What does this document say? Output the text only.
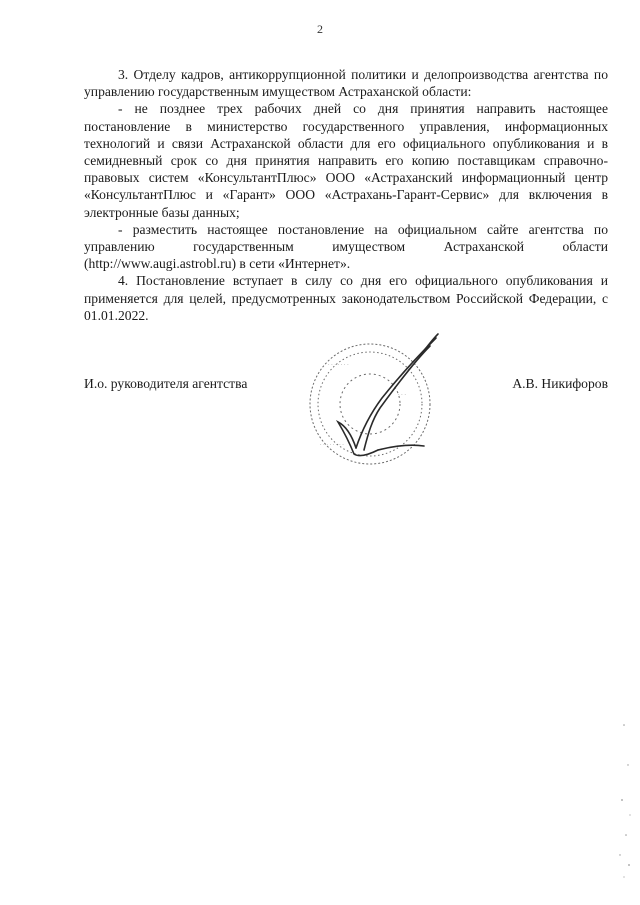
2

3. Отделу кадров, антикоррупционной политики и делопроизводства агентства по управлению государственным имуществом Астраханской области:

- не позднее трех рабочих дней со дня принятия направить настоящее постановление в министерство государственного управления, информационных технологий и связи Астраханской области для его официального опубликования и в семидневный срок со дня принятия направить его копию поставщикам справочно-правовых систем «КонсультантПлюс» ООО «Астраханский информационный центр «КонсультантПлюс и «Гарант» ООО «Астрахань-Гарант-Сервис» для включения в электронные базы данных;

- разместить настоящее постановление на официальном сайте агентства по управлению государственным имуществом Астраханской области (http://www.augi.astrobl.ru) в сети «Интернет».

4. Постановление вступает в силу со дня его официального опубликования и применяется для целей, предусмотренных законодательством Российской Федерации, с 01.01.2022.

И.о. руководителя агентства
· · · · · · ·
· · · · · · · ·
· · ·
А.В. Никифоров
